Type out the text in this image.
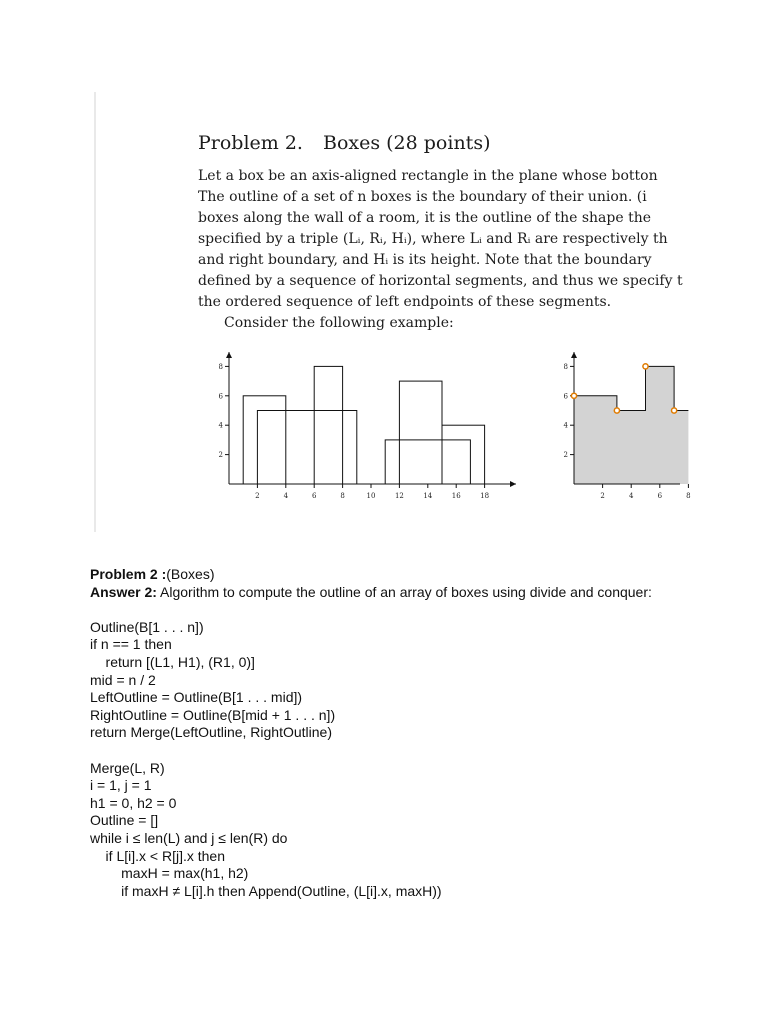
Problem 2. Boxes (28 points)
Let a box be an axis-aligned rectangle in the plane whose botton
The outline of a set of n boxes is the boundary of their union. (i
boxes along the wall of a room, it is the outline of the shape the
specified by a triple (Lᵢ, Rᵢ, Hᵢ), where Lᵢ and Rᵢ are respectively th
and right boundary, and Hᵢ is its height. Note that the boundary
defined by a sequence of horizontal segments, and thus we specify t
the ordered sequence of left endpoints of these segments.
Consider the following example:
2	4	6	8	10	12	14	16	18
2
4
6
8
2	4	6	8
2
4
6
8
Problem 2 :(Boxes)
Answer 2: Algorithm to compute the outline of an array of boxes using divide and conquer:
Outline(B[1 . . . n])
if n == 1 then
return [(L1, H1), (R1, 0)]
mid = n / 2
LeftOutline = Outline(B[1 . . . mid])
RightOutline = Outline(B[mid + 1 . . . n])
return Merge(LeftOutline, RightOutline)
Merge(L, R)
i = 1, j = 1
h1 = 0, h2 = 0
Outline = []
while i ≤ len(L) and j ≤ len(R) do
if L[i].x < R[j].x then
maxH = max(h1, h2)
if maxH ≠ L[i].h then Append(Outline, (L[i].x, maxH))
